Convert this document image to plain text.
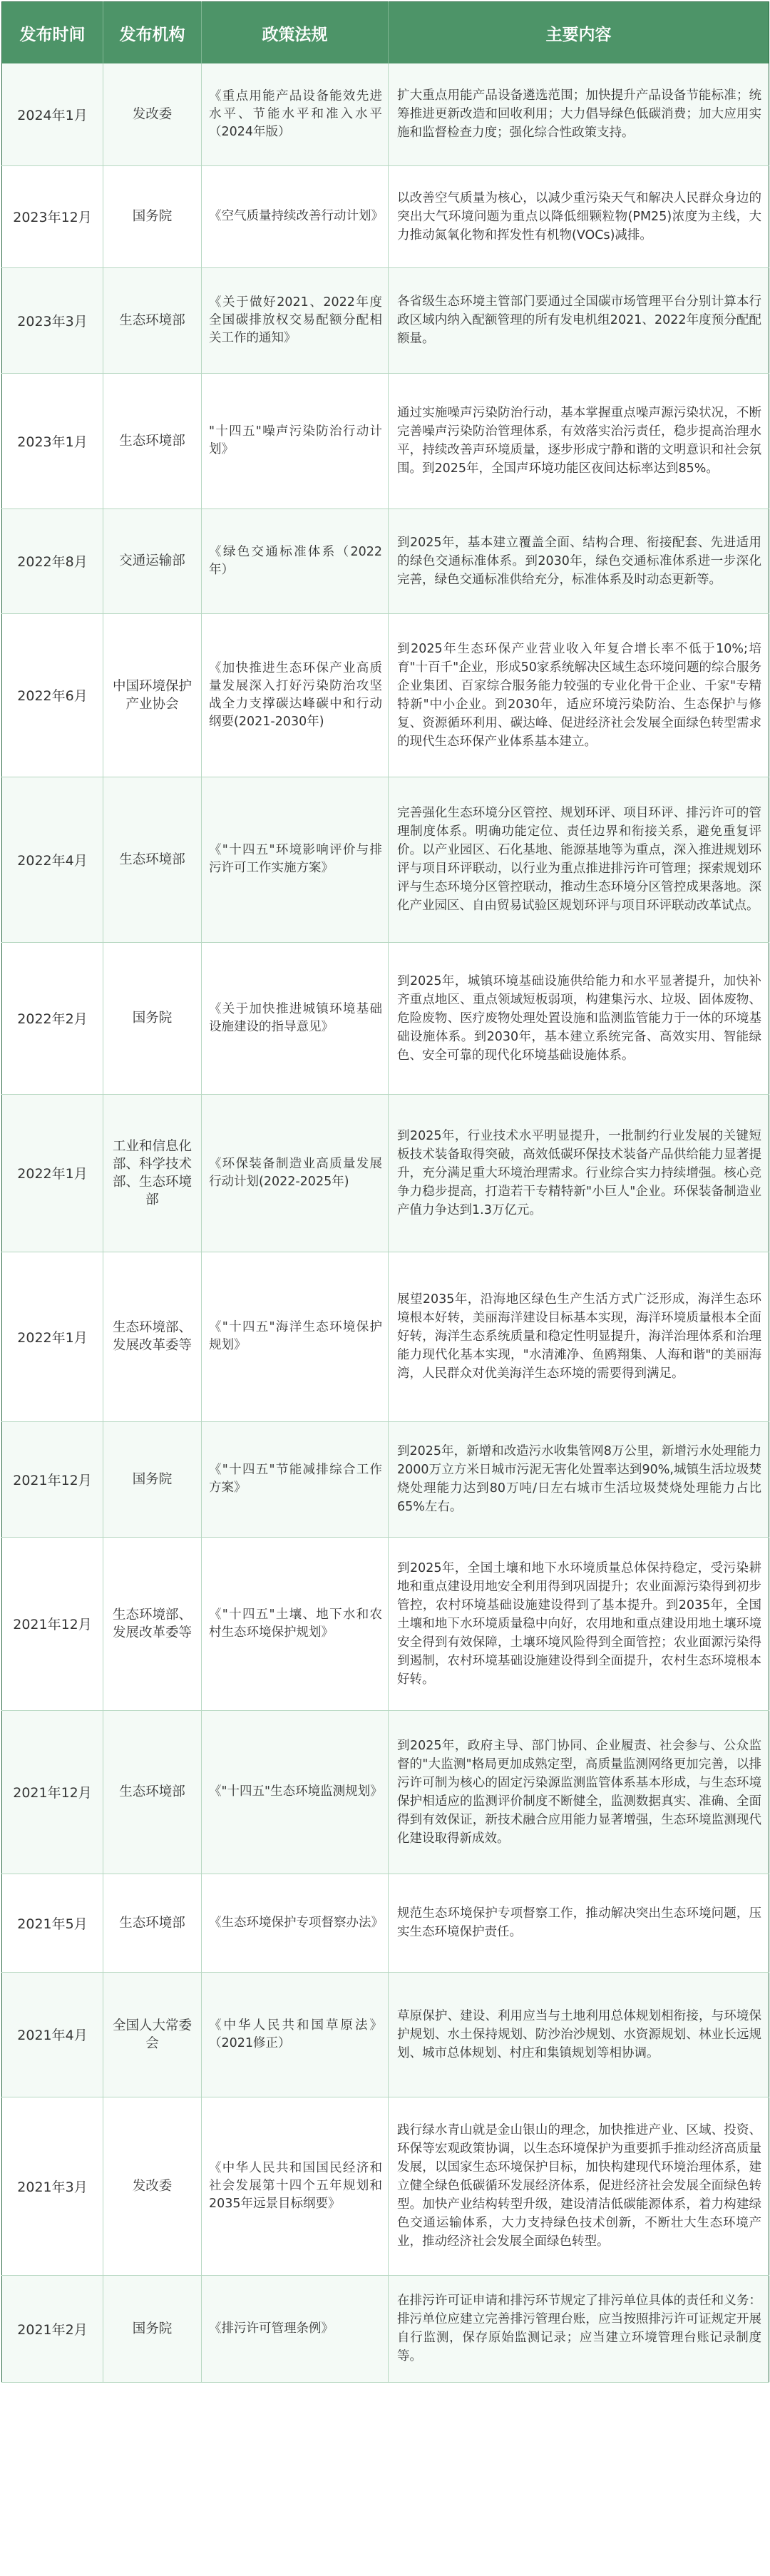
发布时间	发布机构	政策法规	主要内容
2024年1月	发改委	《重点用能产品设备能效先进水平、节能水平和准入水平（2024年版）	扩大重点用能产品设备遴选范围；加快提升产品设备节能标准；统筹推进更新改造和回收利用；大力倡导绿色低碳消费；加大应用实施和监督检查力度；强化综合性政策支持。
2023年12月	国务院	《空气质量持续改善行动计划》	以改善空气质量为核心，以减少重污染天气和解决人民群众身边的突出大气环境问题为重点以降低细颗粒物(PM25)浓度为主线，大力推动氮氧化物和挥发性有机物(VOCs)减排。
2023年3月	生态环境部	《关于做好2021、2022年度全国碳排放权交易配额分配相关工作的通知》	各省级生态环境主管部门要通过全国碳市场管理平台分别计算本行政区域内纳入配额管理的所有发电机组2021、2022年度预分配配额量。
2023年1月	生态环境部	"十四五"噪声污染防治行动计划》	通过实施噪声污染防治行动，基本掌握重点噪声源污染状况，不断完善噪声污染防治管理体系，有效落实治污责任，稳步提高治理水平，持续改善声环境质量，逐步形成宁静和谐的文明意识和社会氛围。到2025年，全国声环境功能区夜间达标率达到85%。
2022年8月	交通运输部	《绿色交通标准体系（2022年）	到2025年，基本建立覆盖全面、结构合理、衔接配套、先进适用的绿色交通标准体系。到2030年，绿色交通标准体系进一步深化完善，绿色交通标准供给充分，标准体系及时动态更新等。
2022年6月	中国环境保护产业协会	《加快推进生态环保产业高质量发展深入打好污染防治攻坚战全力支撑碳达峰碳中和行动纲要(2021-2030年)	到2025年生态环保产业营业收入年复合增长率不低于10%;培育"十百千"企业，形成50家系统解决区域生态环境问题的综合服务企业集团、百家综合服务能力较强的专业化骨干企业、千家"专精特新"中小企业。到2030年，适应环境污染防治、生态保护与修复、资源循环利用、碳达峰、促进经济社会发展全面绿色转型需求的现代生态环保产业体系基本建立。
2022年4月	生态环境部	《"十四五"环境影响评价与排污许可工作实施方案》	完善强化生态环境分区管控、规划环评、项目环评、排污许可的管理制度体系。明确功能定位、责任边界和衔接关系，避免重复评价。以产业园区、石化基地、能源基地等为重点，深入推进规划环评与项目环评联动，以行业为重点推进排污许可管理；探索规划环评与生态环境分区管控联动，推动生态环境分区管控成果落地。深化产业园区、自由贸易试验区规划环评与项目环评联动改革试点。
2022年2月	国务院	《关于加快推进城镇环境基础设施建设的指导意见》	到2025年，城镇环境基础设施供给能力和水平显著提升，加快补齐重点地区、重点领域短板弱项，构建集污水、垃圾、固体废物、危险废物、医疗废物处理处置设施和监测监管能力于一体的环境基础设施体系。到2030年，基本建立系统完备、高效实用、智能绿色、安全可靠的现代化环境基础设施体系。
2022年1月	工业和信息化部、科学技术部、生态环境部	《环保装备制造业高质量发展行动计划(2022-2025年)	到2025年，行业技术水平明显提升，一批制约行业发展的关键短板技术装备取得突破，高效低碳环保技术装备产品供给能力显著提升，充分满足重大环境治理需求。行业综合实力持续增强。核心竞争力稳步提高，打造若干专精特新"小巨人"企业。环保装备制造业产值力争达到1.3万亿元。
2022年1月	生态环境部、发展改革委等	《"十四五"海洋生态环境保护规划》	展望2035年，沿海地区绿色生产生活方式广泛形成，海洋生态环境根本好转，美丽海洋建设目标基本实现，海洋环境质量根本全面好转，海洋生态系统质量和稳定性明显提升，海洋治理体系和治理能力现代化基本实现，"水清滩净、鱼鸥翔集、人海和谐"的美丽海湾，人民群众对优美海洋生态环境的需要得到满足。
2021年12月	国务院	《"十四五"节能减排综合工作方案》	到2025年，新增和改造污水收集管网8万公里，新增污水处理能力2000万立方米日城市污泥无害化处置率达到90%,城镇生活垃圾焚烧处理能力达到80万吨/日左右城市生活垃圾焚烧处理能力占比65%左右。
2021年12月	生态环境部、发展改革委等	《"十四五"土壤、地下水和农村生态环境保护规划》	到2025年，全国土壤和地下水环境质量总体保持稳定，受污染耕地和重点建设用地安全利用得到巩固提升；农业面源污染得到初步管控，农村环境基础设施建设得到了基本提升。到2035年，全国土壤和地下水环境质量稳中向好，农用地和重点建设用地土壤环境安全得到有效保障，土壤环境风险得到全面管控；农业面源污染得到遏制，农村环境基础设施建设得到全面提升，农村生态环境根本好转。
2021年12月	生态环境部	《"十四五"生态环境监测规划》	到2025年，政府主导、部门协同、企业履责、社会参与、公众监督的"大监测"格局更加成熟定型，高质量监测网络更加完善，以排污许可制为核心的固定污染源监测监管体系基本形成，与生态环境保护相适应的监测评价制度不断健全，监测数据真实、准确、全面得到有效保证，新技术融合应用能力显著增强，生态环境监测现代化建设取得新成效。
2021年5月	生态环境部	《生态环境保护专项督察办法》	规范生态环境保护专项督察工作，推动解决突出生态环境问题，压实生态环境保护责任。
2021年4月	全国人大常委会	《中华人民共和国草原法》（2021修正）	草原保护、建设、利用应当与土地利用总体规划相衔接，与环境保护规划、水土保持规划、防沙治沙规划、水资源规划、林业长远规划、城市总体规划、村庄和集镇规划等相协调。
2021年3月	发改委	《中华人民共和国国民经济和社会发展第十四个五年规划和2035年远景目标纲要》	践行绿水青山就是金山银山的理念，加快推进产业、区域、投资、环保等宏观政策协调，以生态环境保护为重要抓手推动经济高质量发展，以国家生态环境保护目标，加快构建现代环境治理体系，建立健全绿色低碳循环发展经济体系，促进经济社会发展全面绿色转型。加快产业结构转型升级，建设清洁低碳能源体系，着力构建绿色交通运输体系，大力支持绿色技术创新，不断壮大生态环境产业，推动经济社会发展全面绿色转型。
2021年2月	国务院	《排污许可管理条例》	在排污许可证申请和排污环节规定了排污单位具体的责任和义务：排污单位应建立完善排污管理台账，应当按照排污许可证规定开展自行监测，保存原始监测记录；应当建立环境管理台账记录制度等。
